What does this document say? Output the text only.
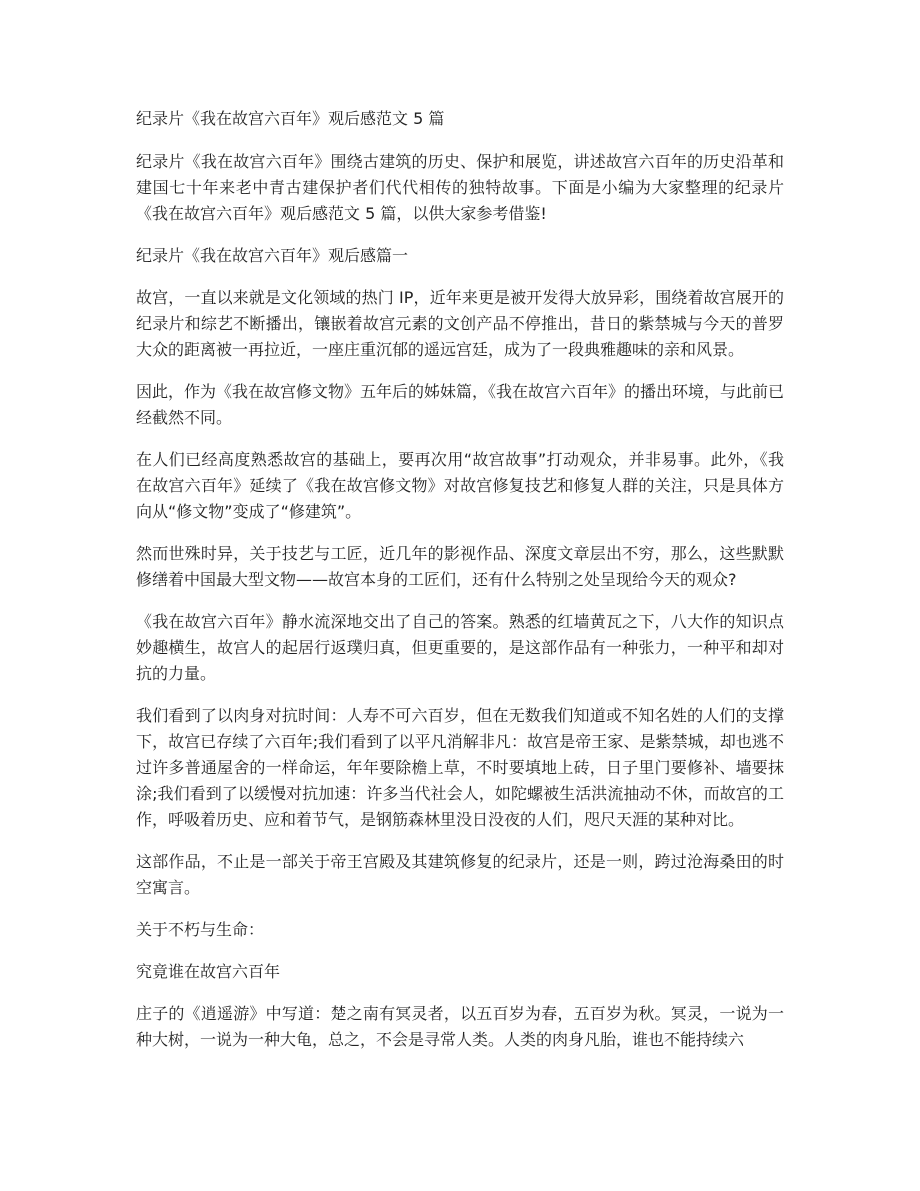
纪录片《我在故宫六百年》观后感范文 5 篇
纪录片《我在故宫六百年》围绕古建筑的历史、保护和展览，讲述故宫六百年的历史沿革和建国七十年来老中青古建保护者们代代相传的独特故事。下面是小编为大家整理的纪录片《我在故宫六百年》观后感范文 5 篇，以供大家参考借鉴!
纪录片《我在故宫六百年》观后感篇一
故宫，一直以来就是文化领域的热门 IP，近年来更是被开发得大放异彩，围绕着故宫展开的纪录片和综艺不断播出，镶嵌着故宫元素的文创产品不停推出，昔日的紫禁城与今天的普罗大众的距离被一再拉近，一座庄重沉郁的遥远宫廷，成为了一段典雅趣味的亲和风景。
因此，作为《我在故宫修文物》五年后的姊妹篇，《我在故宫六百年》的播出环境，与此前已经截然不同。
在人们已经高度熟悉故宫的基础上，要再次用“故宫故事”打动观众，并非易事。此外，《我在故宫六百年》延续了《我在故宫修文物》对故宫修复技艺和修复人群的关注，只是具体方向从“修文物”变成了“修建筑”。
然而世殊时异，关于技艺与工匠，近几年的影视作品、深度文章层出不穷，那么，这些默默修缮着中国最大型文物——故宫本身的工匠们，还有什么特别之处呈现给今天的观众?
《我在故宫六百年》静水流深地交出了自己的答案。熟悉的红墙黄瓦之下，八大作的知识点妙趣横生，故宫人的起居行返璞归真，但更重要的，是这部作品有一种张力，一种平和却对抗的力量。
我们看到了以肉身对抗时间：人寿不可六百岁，但在无数我们知道或不知名姓的人们的支撑下，故宫已存续了六百年;我们看到了以平凡消解非凡：故宫是帝王家、是紫禁城，却也逃不过许多普通屋舍的一样命运，年年要除檐上草，不时要填地上砖，日子里门要修补、墙要抹涂;我们看到了以缓慢对抗加速：许多当代社会人，如陀螺被生活洪流抽动不休，而故宫的工作，呼吸着历史、应和着节气，是钢筋森林里没日没夜的人们，咫尺天涯的某种对比。
这部作品，不止是一部关于帝王宫殿及其建筑修复的纪录片，还是一则，跨过沧海桑田的时空寓言。
关于不朽与生命：
究竟谁在故宫六百年
庄子的《逍遥游》中写道：楚之南有冥灵者，以五百岁为春，五百岁为秋。冥灵，一说为一种大树，一说为一种大龟，总之，不会是寻常人类。人类的肉身凡胎，谁也不能持续六
